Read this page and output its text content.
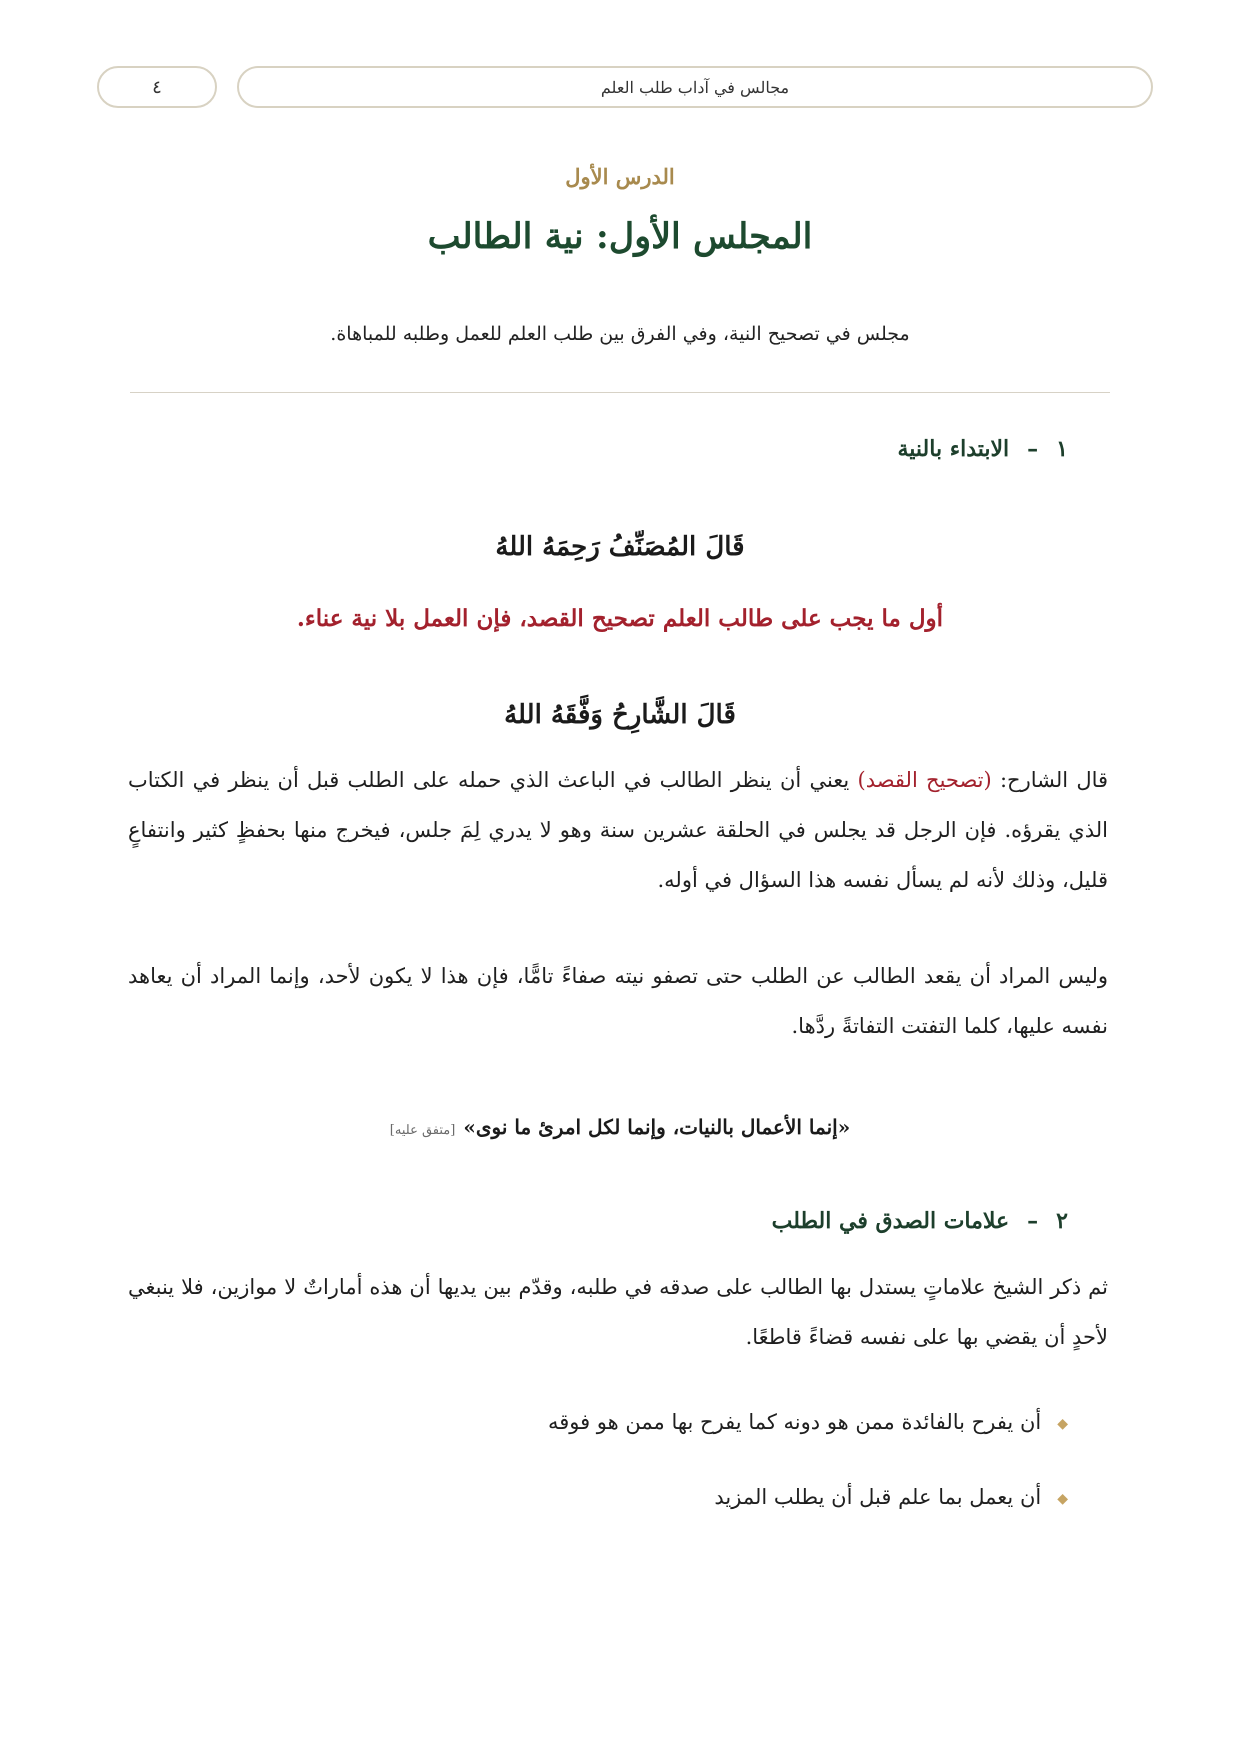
مجالس في آداب طلب العلم
٤
الدرس الأول
المجلس الأول: نية الطالب
مجلس في تصحيح النية، وفي الفرق بين طلب العلم للعمل وطلبه للمباهاة.
١–الابتداء بالنية
قَالَ المُصَنِّفُ رَحِمَهُ اللهُ
أول ما يجب على طالب العلم تصحيح القصد، فإن العمل بلا نية عناء.
قَالَ الشَّارِحُ وَفَّقَهُ اللهُ
قال الشارح: (تصحيح القصد) يعني أن ينظر الطالب في الباعث الذي حمله على الطلب قبل أن ينظر في الكتاب الذي يقرؤه. فإن الرجل قد يجلس في الحلقة عشرين سنة وهو لا يدري لِمَ جلس، فيخرج منها بحفظٍ كثير وانتفاعٍ قليل، وذلك لأنه لم يسأل نفسه هذا السؤال في أوله.
وليس المراد أن يقعد الطالب عن الطلب حتى تصفو نيته صفاءً تامًّا، فإن هذا لا يكون لأحد، وإنما المراد أن يعاهد نفسه عليها، كلما التفتت التفاتةً ردَّها.
«إنما الأعمال بالنيات، وإنما لكل امرئ ما نوى»[متفق عليه]
٢–علامات الصدق في الطلب
ثم ذكر الشيخ علاماتٍ يستدل بها الطالب على صدقه في طلبه، وقدّم بين يديها أن هذه أماراتٌ لا موازين، فلا ينبغي لأحدٍ أن يقضي بها على نفسه قضاءً قاطعًا.
◆أن يفرح بالفائدة ممن هو دونه كما يفرح بها ممن هو فوقه
◆أن يعمل بما علم قبل أن يطلب المزيد
